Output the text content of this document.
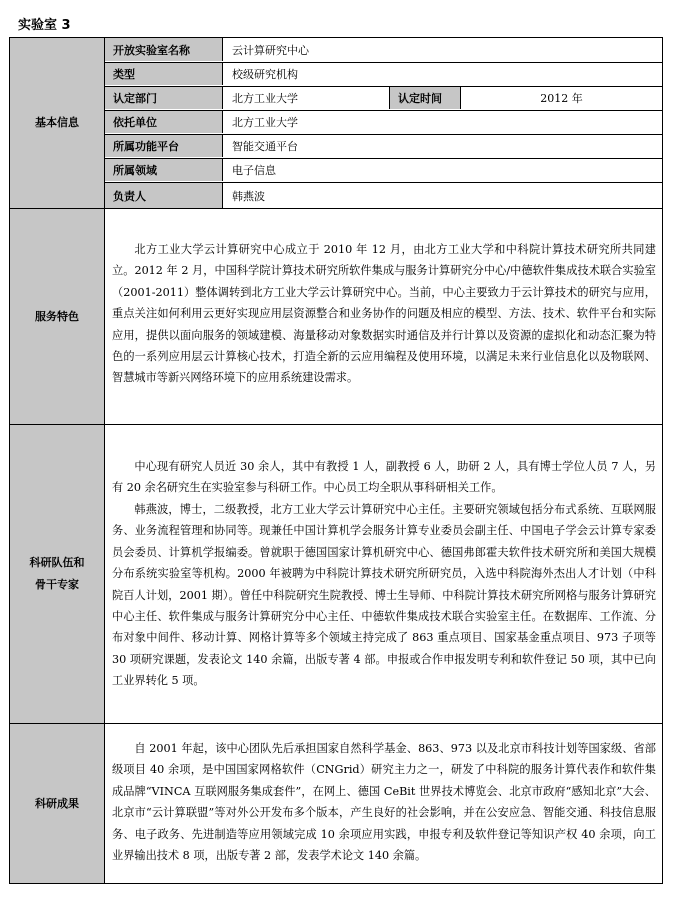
实验室 3
基本信息
开放实验室名称	云计算研究中心
类型	校级研究机构
认定部门	北方工业大学	认定时间	2012 年
依托单位	北方工业大学
所属功能平台	智能交通平台
所属领域	电子信息
负责人	韩燕波
服务特色

北方工业大学云计算研究中心成立于 2010 年 12 月，由北方工业大学和中科院计算技术研究所共同建立。2012 年 2 月，中国科学院计算技术研究所软件集成与服务计算研究分中心/中德软件集成技术联合实验室（2001-2011）整体调转到北方工业大学云计算研究中心。当前，中心主要致力于云计算技术的研究与应用，重点关注如何利用云更好实现应用层资源整合和业务协作的问题及相应的模型、方法、技术、软件平台和实际应用，提供以面向服务的领域建模、海量移动对象数据实时通信及并行计算以及资源的虚拟化和动态汇聚为特色的一系列应用层云计算核心技术，打造全新的云应用编程及使用环境，以满足未来行业信息化以及物联网、智慧城市等新兴网络环境下的应用系统建设需求。

科研队伍和
骨干专家

中心现有研究人员近 30 余人，其中有教授 1 人，副教授 6 人，助研 2 人，具有博士学位人员 7 人，另有 20 余名研究生在实验室参与科研工作。中心员工均全职从事科研相关工作。

韩燕波，博士，二级教授，北方工业大学云计算研究中心主任。主要研究领域包括分布式系统、互联网服务、业务流程管理和协同等。现兼任中国计算机学会服务计算专业委员会副主任、中国电子学会云计算专家委员会委员、计算机学报编委。曾就职于德国国家计算机研究中心、德国弗郎霍夫软件技术研究所和美国大规模分布系统实验室等机构。2000 年被聘为中科院计算技术研究所研究员，入选中科院海外杰出人才计划（中科院百人计划，2001 期）。曾任中科院研究生院教授、博士生导师、中科院计算技术研究所网格与服务计算研究中心主任、软件集成与服务计算研究分中心主任、中德软件集成技术联合实验室主任。在数据库、工作流、分布对象中间件、移动计算、网格计算等多个领域主持完成了 863 重点项目、国家基金重点项目、973 子项等 30 项研究课题，发表论文 140 余篇，出版专著 4 部。申报或合作申报发明专利和软件登记 50 项，其中已向工业界转化 5 项。

科研成果

自 2001 年起，该中心团队先后承担国家自然科学基金、863、973 以及北京市科技计划等国家级、省部级项目 40 余项，是中国国家网格软件（CNGrid）研究主力之一，研发了中科院的服务计算代表作和软件集成品牌“VINCA 互联网服务集成套件”，在网上、德国 CeBit 世界技术博览会、北京市政府“感知北京”大会、北京市“云计算联盟”等对外公开发布多个版本，产生良好的社会影响，并在公安应急、智能交通、科技信息服务、电子政务、先进制造等应用领域完成 10 余项应用实践，申报专利及软件登记等知识产权 40 余项，向工业界输出技术 8 项，出版专著 2 部，发表学术论文 140 余篇。
